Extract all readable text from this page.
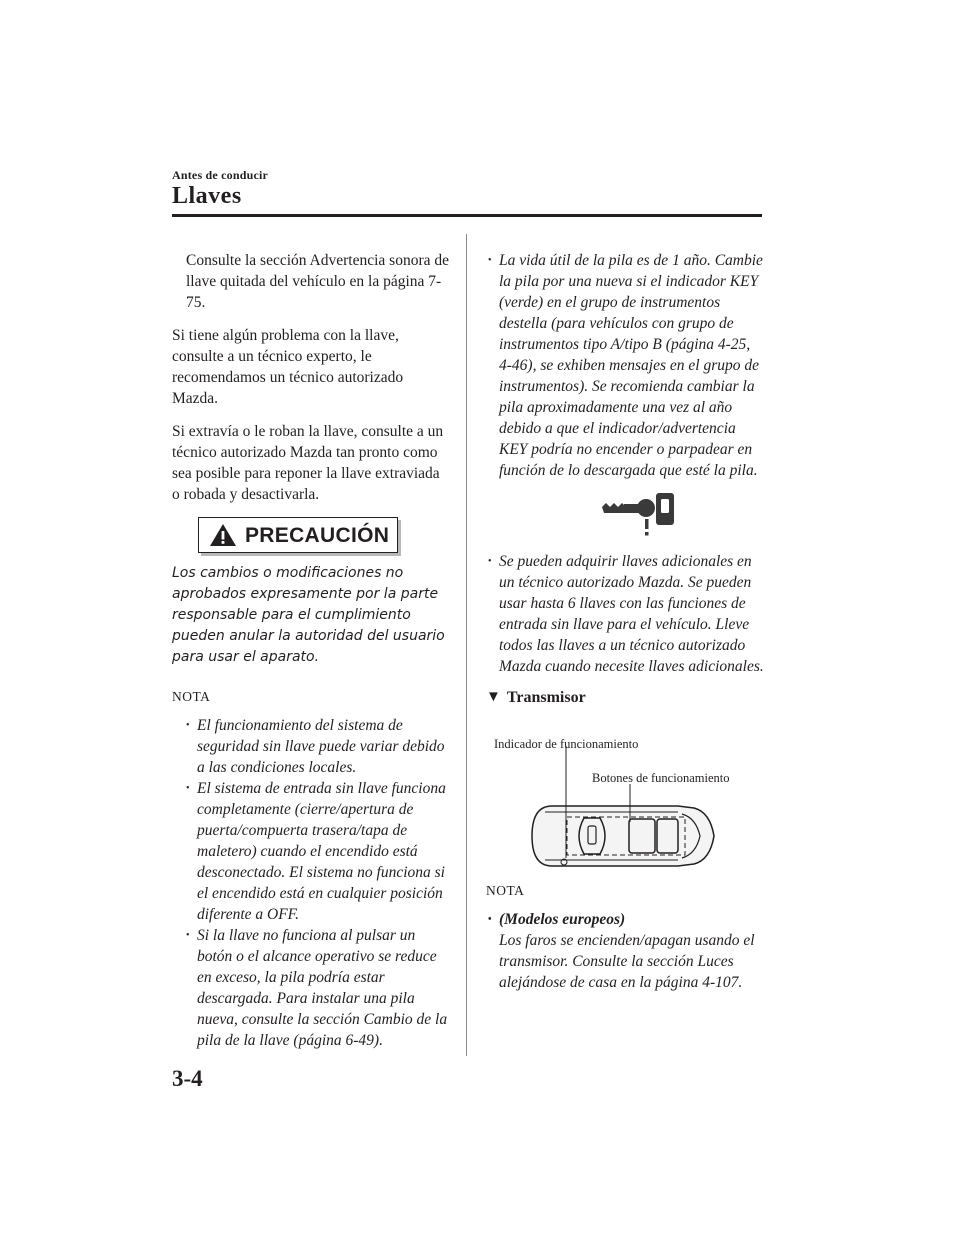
Antes de conducir
Llaves

Consulte la sección Advertencia sonora de llave quitada del vehículo en la página 7-75.

Si tiene algún problema con la llave, consulte a un técnico experto, le recomendamos un técnico autorizado Mazda.

Si extravía o le roban la llave, consulte a un técnico autorizado Mazda tan pronto como sea posible para reponer la llave extraviada o robada y desactivarla.

PRECAUCIÓN

Los cambios o modificaciones no aprobados expresamente por la parte responsable para el cumplimiento pueden anular la autoridad del usuario para usar el aparato.

NOTA

• El funcionamiento del sistema de seguridad sin llave puede variar debido a las condiciones locales.

• El sistema de entrada sin llave funciona completamente (cierre/apertura de puerta/compuerta trasera/tapa de maletero) cuando el encendido está desconectado. El sistema no funciona si el encendido está en cualquier posición diferente a OFF.

• Si la llave no funciona al pulsar un botón o el alcance operativo se reduce en exceso, la pila podría estar descargada. Para instalar una pila nueva, consulte la sección Cambio de la pila de la llave (página 6-49).

• La vida útil de la pila es de 1 año. Cambie la pila por una nueva si el indicador KEY (verde) en el grupo de instrumentos destella (para vehículos con grupo de instrumentos tipo A/tipo B (página 4-25, 4-46), se exhiben mensajes en el grupo de instrumentos). Se recomienda cambiar la pila aproximadamente una vez al año debido a que el indicador/advertencia KEY podría no encender o parpadear en función de lo descargada que esté la pila.

• Se pueden adquirir llaves adicionales en un técnico autorizado Mazda. Se pueden usar hasta 6 llaves con las funciones de entrada sin llave para el vehículo. Lleve todos las llaves a un técnico autorizado Mazda cuando necesite llaves adicionales.

▼ Transmisor
Indicador de funcionamiento
Botones de funcionamiento

NOTA

• (Modelos europeos)

Los faros se encienden/apagan usando el transmisor. Consulte la sección Luces alejándose de casa en la página 4-107.

3-4
